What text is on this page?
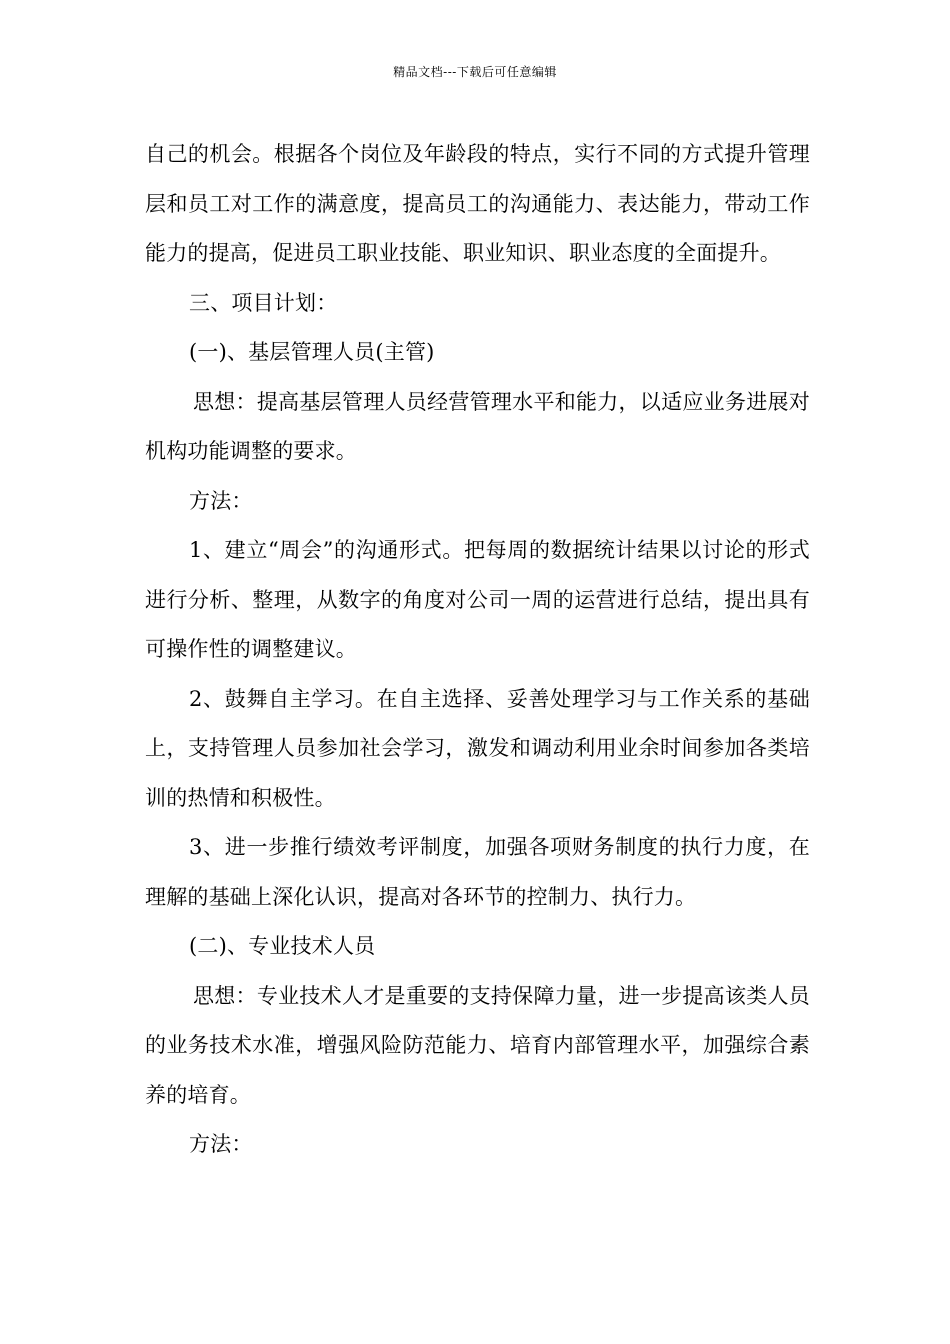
精品文档---下载后可任意编辑

自己的机会。根据各个岗位及年龄段的特点，实行不同的方式提升管理层和员工对工作的满意度，提高员工的沟通能力、表达能力，带动工作能力的提高，促进员工职业技能、职业知识、职业态度的全面提升。

三、项目计划：

(一)、基层管理人员(主管)

思想：提高基层管理人员经营管理水平和能力，以适应业务进展对机构功能调整的要求。

方法：

1、建立“周会”的沟通形式。把每周的数据统计结果以讨论的形式进行分析、整理，从数字的角度对公司一周的运营进行总结，提出具有可操作性的调整建议。

2、鼓舞自主学习。在自主选择、妥善处理学习与工作关系的基础上，支持管理人员参加社会学习，激发和调动利用业余时间参加各类培训的热情和积极性。

3、进一步推行绩效考评制度，加强各项财务制度的执行力度，在理解的基础上深化认识，提高对各环节的控制力、执行力。

(二)、专业技术人员

思想：专业技术人才是重要的支持保障力量，进一步提高该类人员的业务技术水准，增强风险防范能力、培育内部管理水平，加强综合素养的培育。

方法：
